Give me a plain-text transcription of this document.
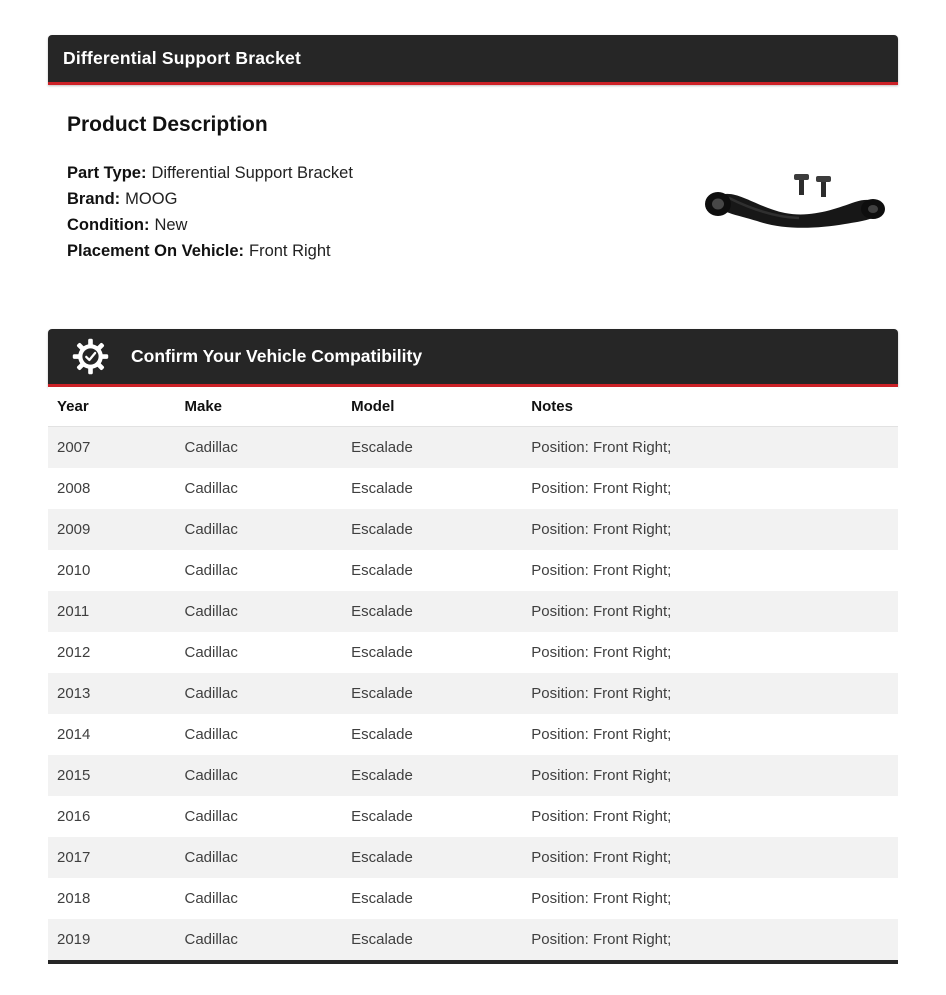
Differential Support Bracket
Product Description

Part Type: Differential Support Bracket

Brand: MOOG

Condition: New

Placement On Vehicle: Front Right

Confirm Your Vehicle Compatibility
Year	Make	Model	Notes
2007	Cadillac	Escalade	Position: Front Right;
2008	Cadillac	Escalade	Position: Front Right;
2009	Cadillac	Escalade	Position: Front Right;
2010	Cadillac	Escalade	Position: Front Right;
2011	Cadillac	Escalade	Position: Front Right;
2012	Cadillac	Escalade	Position: Front Right;
2013	Cadillac	Escalade	Position: Front Right;
2014	Cadillac	Escalade	Position: Front Right;
2015	Cadillac	Escalade	Position: Front Right;
2016	Cadillac	Escalade	Position: Front Right;
2017	Cadillac	Escalade	Position: Front Right;
2018	Cadillac	Escalade	Position: Front Right;
2019	Cadillac	Escalade	Position: Front Right;
